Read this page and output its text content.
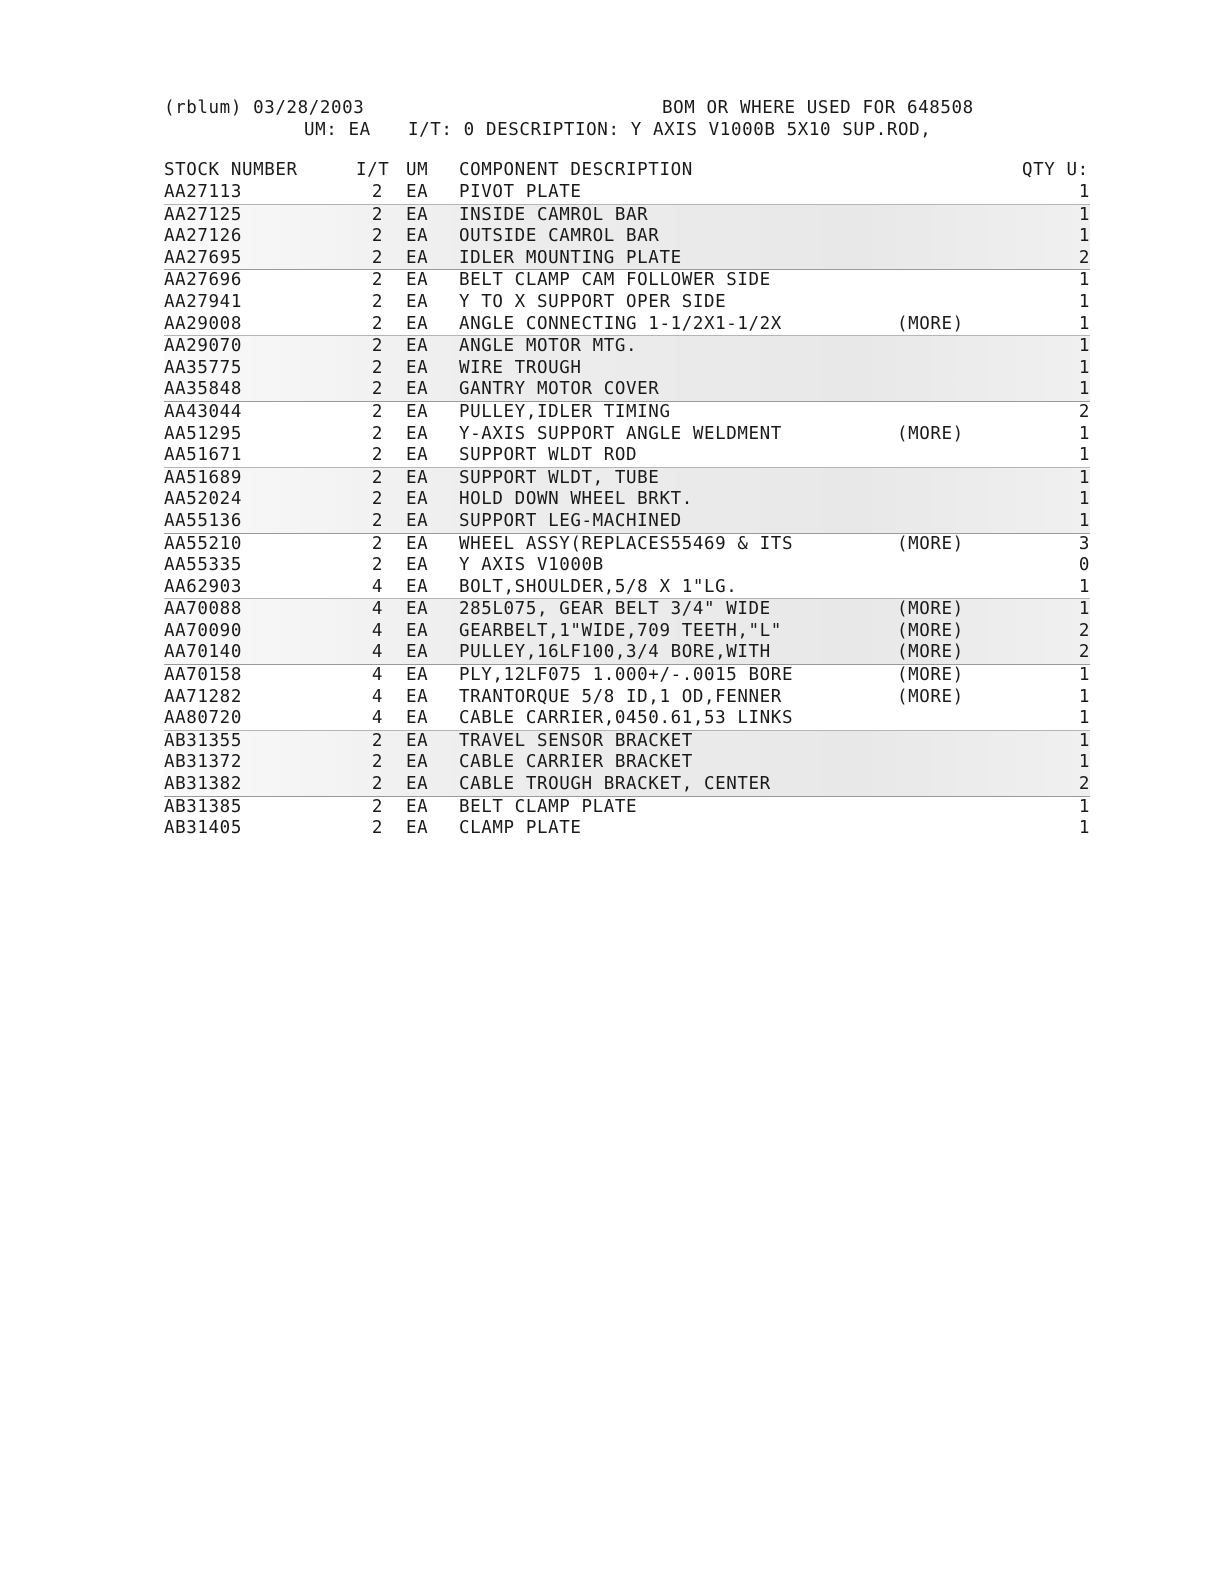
(rblum) 03/28/2003	BOM OR WHERE USED FOR 648508
UM: EA I/T: 0 DESCRIPTION: Y AXIS V1000B 5X10 SUP.ROD,
STOCK NUMBER	I/T UM COMPONENT DESCRIPTION	QTY U:
AA27113	2 EA PIVOT PLATE	1
AA27125	2 EA INSIDE CAMROL BAR	1
AA27126	2 EA OUTSIDE CAMROL BAR	1
AA27695	2 EA IDLER MOUNTING PLATE	2
AA27696	2 EA BELT CLAMP CAM FOLLOWER SIDE	1
AA27941	2 EA Y TO X SUPPORT OPER SIDE	1
AA29008	2 EA ANGLE CONNECTING 1-1/2X1-1/2X	(MORE)	1
AA29070	2 EA ANGLE MOTOR MTG.	1
AA35775	2 EA WIRE TROUGH	1
AA35848	2 EA GANTRY MOTOR COVER	1
AA43044	2 EA PULLEY,IDLER TIMING	2
AA51295	2 EA Y-AXIS SUPPORT ANGLE WELDMENT	(MORE)	1
AA51671	2 EA SUPPORT WLDT ROD	1
AA51689	2 EA SUPPORT WLDT, TUBE	1
AA52024	2 EA HOLD DOWN WHEEL BRKT.	1
AA55136	2 EA SUPPORT LEG-MACHINED	1
AA55210	2 EA WHEEL ASSY(REPLACES55469 & ITS	(MORE)	3
AA55335	2 EA Y AXIS V1000B	0
AA62903	4 EA BOLT,SHOULDER,5/8 X 1"LG.	1
AA70088	4 EA 285L075, GEAR BELT 3/4" WIDE	(MORE)	1
AA70090	4 EA GEARBELT,1"WIDE,709 TEETH,"L"	(MORE)	2
AA70140	4 EA PULLEY,16LF100,3/4 BORE,WITH	(MORE)	2
AA70158	4 EA PLY,12LF075 1.000+/-.0015 BORE	(MORE)	1
AA71282	4 EA TRANTORQUE 5/8 ID,1 OD,FENNER	(MORE)	1
AA80720	4 EA CABLE CARRIER,0450.61,53 LINKS	1
AB31355	2 EA TRAVEL SENSOR BRACKET	1
AB31372	2 EA CABLE CARRIER BRACKET	1
AB31382	2 EA CABLE TROUGH BRACKET, CENTER	2
AB31385	2 EA BELT CLAMP PLATE	1
AB31405	2 EA CLAMP PLATE	1
